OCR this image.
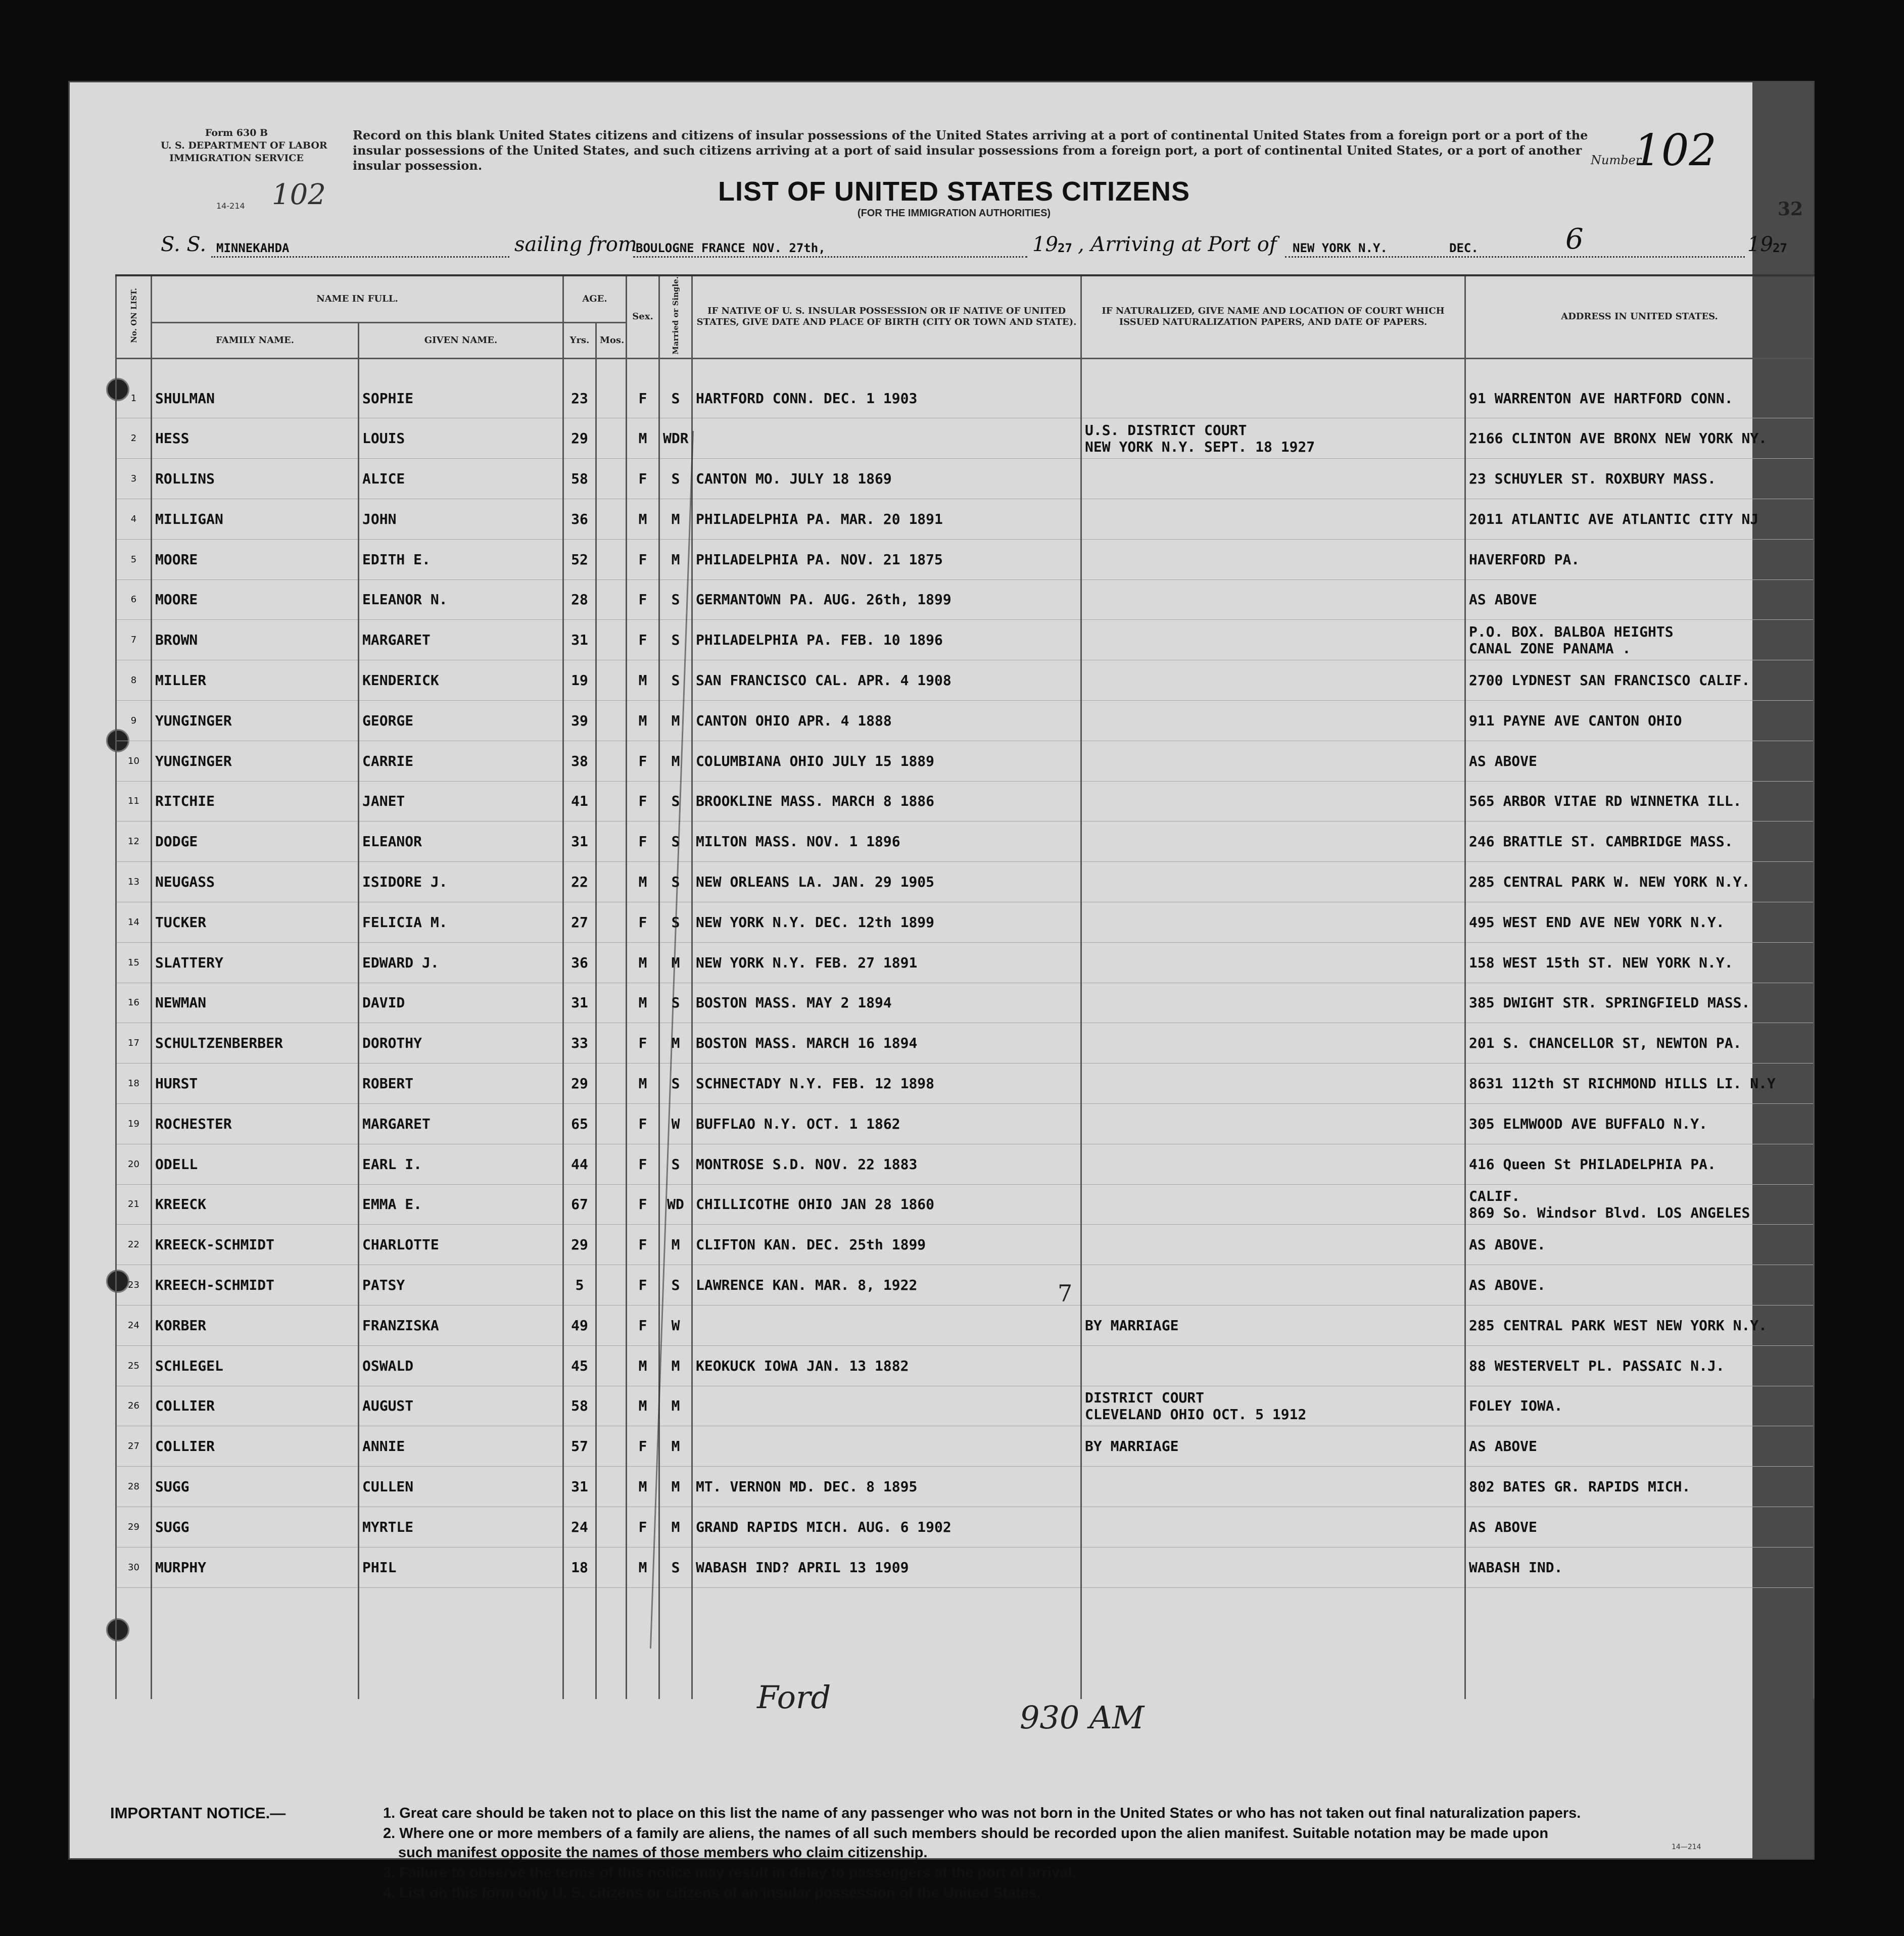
Form 630 B
U. S. DEPARTMENT OF LABOR
IMMIGRATION SERVICE
14-214 102
Record on this blank United States citizens and citizens of insular possessions of the United States arriving at a port of continental United States from a foreign port or a port of the insular possessions of the United States, and such citizens arriving at a port of said insular possessions from a foreign port, a port of continental United States, or a port of another insular possession.
LIST OF UNITED STATES CITIZENS
(FOR THE IMMIGRATION AUTHORITIES)
Number
102
32
S. S. MINNEKAHDA	sailing from
BOULOGNE FRANCE NOV. 27th,	19 27 , Arriving at Port of NEW YORK N.Y.	DEC.	6	19 27
No. ON LIST.	NAME IN FULL.		AGE.		Sex.	Married or Single.	IF NATIVE OF U. S. INSULAR POSSESSION OR IF NATIVE OF UNITED STATES, GIVE DATE AND PLACE OF BIRTH (CITY OR TOWN AND STATE).	IF NATURALIZED, GIVE NAME AND LOCATION OF COURT WHICH ISSUED NATURALIZATION PAPERS, AND DATE OF PAPERS.	ADDRESS IN UNITED STATES.
	FAMILY NAME.	GIVEN NAME.	Yrs.	Mos.					

1	SHULMAN	SOPHIE	23		F	S	HARTFORD CONN. DEC. 1 1903		91 WARRENTON AVE HARTFORD CONN.

2	HESS	LOUIS	29		M	WDR		U.S. DISTRICT COURT
NEW YORK N.Y. SEPT. 18 1927	2166 CLINTON AVE BRONX NEW YORK NY.

3	ROLLINS	ALICE	58		F	S	CANTON MO. JULY 18 1869		23 SCHUYLER ST. ROXBURY MASS.

4	MILLIGAN	JOHN	36		M	M	PHILADELPHIA PA. MAR. 20 1891		2011 ATLANTIC AVE ATLANTIC CITY NJ

5	MOORE	EDITH E.	52		F	M	PHILADELPHIA PA. NOV. 21 1875		HAVERFORD PA.

6	MOORE	ELEANOR N.	28		F	S	GERMANTOWN PA. AUG. 26th, 1899		AS ABOVE

7	BROWN	MARGARET	31		F	S	PHILADELPHIA PA. FEB. 10 1896		P.O. BOX. BALBOA HEIGHTS
CANAL ZONE PANAMA .

8	MILLER	KENDERICK	19		M	S	SAN FRANCISCO CAL. APR. 4 1908		2700 LYDNEST SAN FRANCISCO CALIF.

9	YUNGINGER	GEORGE	39		M	M	CANTON OHIO APR. 4 1888		911 PAYNE AVE CANTON OHIO

10	YUNGINGER	CARRIE	38		F	M	COLUMBIANA OHIO JULY 15 1889		AS ABOVE

11	RITCHIE	JANET	41		F	S	BROOKLINE MASS. MARCH 8 1886		565 ARBOR VITAE RD WINNETKA ILL.

12	DODGE	ELEANOR	31		F	S	MILTON MASS. NOV. 1 1896		246 BRATTLE ST. CAMBRIDGE MASS.

13	NEUGASS	ISIDORE J.	22		M	S	NEW ORLEANS LA. JAN. 29 1905		285 CENTRAL PARK W. NEW YORK N.Y.

14	TUCKER	FELICIA M.	27		F	S	NEW YORK N.Y. DEC. 12th 1899		495 WEST END AVE NEW YORK N.Y.

15	SLATTERY	EDWARD J.	36		M	M	NEW YORK N.Y. FEB. 27 1891		158 WEST 15th ST. NEW YORK N.Y.

16	NEWMAN	DAVID	31		M	S	BOSTON MASS. MAY 2 1894		385 DWIGHT STR. SPRINGFIELD MASS.

17	SCHULTZENBERBER	DOROTHY	33		F	M	BOSTON MASS. MARCH 16 1894		201 S. CHANCELLOR ST, NEWTON PA.

18	HURST	ROBERT	29		M	S	SCHNECTADY N.Y. FEB. 12 1898		8631 112th ST RICHMOND HILLS LI. N.Y

19	ROCHESTER	MARGARET	65		F	W	BUFFLAO N.Y. OCT. 1 1862		305 ELMWOOD AVE BUFFALO N.Y.

20	ODELL	EARL I.	44		F	S	MONTROSE S.D. NOV. 22 1883		416 Queen St PHILADELPHIA PA.

21	KREECK	EMMA E.	67		F	WD	CHILLICOTHE OHIO JAN 28 1860		CALIF.
869 So. Windsor Blvd. LOS ANGELES

22	KREECK-SCHMIDT	CHARLOTTE	29		F	M	CLIFTON KAN. DEC. 25th 1899		AS ABOVE.

23	KREECH-SCHMIDT	PATSY	5		F	S	LAWRENCE KAN. MAR. 8, 1922		AS ABOVE.

24	KORBER	FRANZISKA	49		F	W		BY MARRIAGE	285 CENTRAL PARK WEST NEW YORK N.Y.

25	SCHLEGEL	OSWALD	45		M	M	KEOKUCK IOWA JAN. 13 1882		88 WESTERVELT PL. PASSAIC N.J.

26	COLLIER	AUGUST	58		M	M		DISTRICT COURT
CLEVELAND OHIO OCT. 5 1912	FOLEY IOWA.

27	COLLIER	ANNIE	57		F	M		BY MARRIAGE	AS ABOVE

28	SUGG	CULLEN	31		M	M	MT. VERNON MD. DEC. 8 1895		802 BATES GR. RAPIDS MICH.

29	SUGG	MYRTLE	24		F	M	GRAND RAPIDS MICH. AUG. 6 1902		AS ABOVE

30	MURPHY	PHIL	18		M	S	WABASH IND? APRIL 13 1909		WABASH IND.

7
Ford
930 AM
IMPORTANT NOTICE.—	1. Great care should be taken not to place on this list the name of any passenger who was not born in the United States or who has not taken out final naturalization papers.
2. Where one or more members of a family are aliens, the names of all such members should be recorded upon the alien manifest. Suitable notation may be made upon
such manifest opposite the names of those members who claim citizenship.
3. Failure to observe the terms of this notice may result in delay to passengers at the port of arrival.
4. List on this form only U. S. citizens or citizens of an insular possession of the United States.
14—214
